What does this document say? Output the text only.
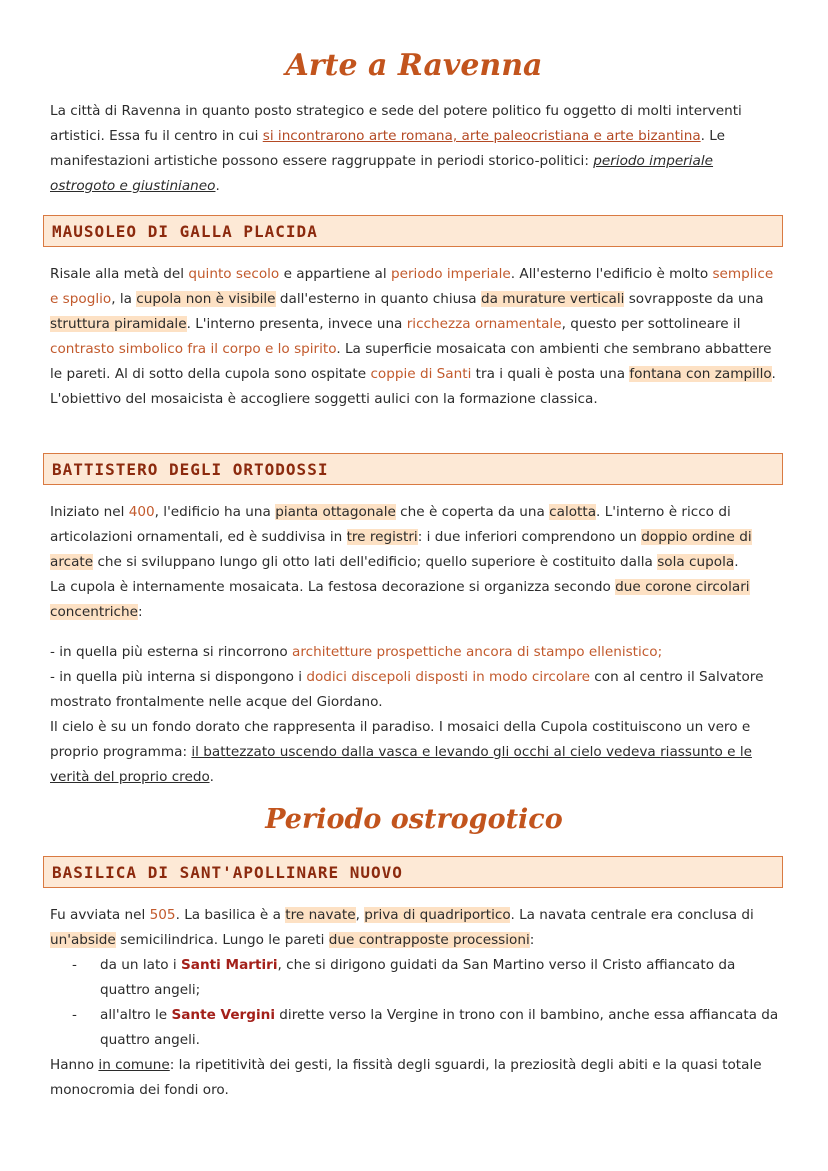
Arte a Ravenna
La città di Ravenna in quanto posto strategico e sede del potere politico fu oggetto di molti interventi artistici. Essa fu il centro in cui si incontrarono arte romana, arte paleocristiana e arte bizantina. Le manifestazioni artistiche possono essere raggruppate in periodi storico-politici: periodo imperiale ostrogoto e giustinianeo.
MAUSOLEO DI GALLA PLACIDA
Risale alla metà del quinto secolo e appartiene al periodo imperiale. All'esterno l'edificio è molto semplice e spoglio, la cupola non è visibile dall'esterno in quanto chiusa da murature verticali sovrapposte da una struttura piramidale. L'interno presenta, invece una ricchezza ornamentale, questo per sottolineare il contrasto simbolico fra il corpo e lo spirito. La superficie mosaicata con ambienti che sembrano abbattere le pareti. Al di sotto della cupola sono ospitate coppie di Santi tra i quali è posta una fontana con zampillo. L'obiettivo del mosaicista è accogliere soggetti aulici con la formazione classica.
BATTISTERO DEGLI ORTODOSSI
Iniziato nel 400, l'edificio ha una pianta ottagonale che è coperta da una calotta. L'interno è ricco di articolazioni ornamentali, ed è suddivisa in tre registri: i due inferiori comprendono un doppio ordine di arcate che si sviluppano lungo gli otto lati dell'edificio; quello superiore è costituito dalla sola cupola.
La cupola è internamente mosaicata. La festosa decorazione si organizza secondo due corone circolari concentriche:
- in quella più esterna si rincorrono architetture prospettiche ancora di stampo ellenistico;
- in quella più interna si dispongono i dodici discepoli disposti in modo circolare con al centro il Salvatore mostrato frontalmente nelle acque del Giordano.
Il cielo è su un fondo dorato che rappresenta il paradiso. I mosaici della Cupola costituiscono un vero e proprio programma: il battezzato uscendo dalla vasca e levando gli occhi al cielo vedeva riassunto e le verità del proprio credo.
Periodo ostrogotico
BASILICA DI SANT'APOLLINARE NUOVO
Fu avviata nel 505. La basilica è a tre navate, priva di quadriportico. La navata centrale era conclusa di un'abside semicilindrica. Lungo le pareti due contrapposte processioni:
- da un lato i Santi Martiri, che si dirigono guidati da San Martino verso il Cristo affiancato da quattro angeli;
- all'altro le Sante Vergini dirette verso la Vergine in trono con il bambino, anche essa affiancata da quattro angeli.
Hanno in comune: la ripetitività dei gesti, la fissità degli sguardi, la preziosità degli abiti e la quasi totale monocromia dei fondi oro.
